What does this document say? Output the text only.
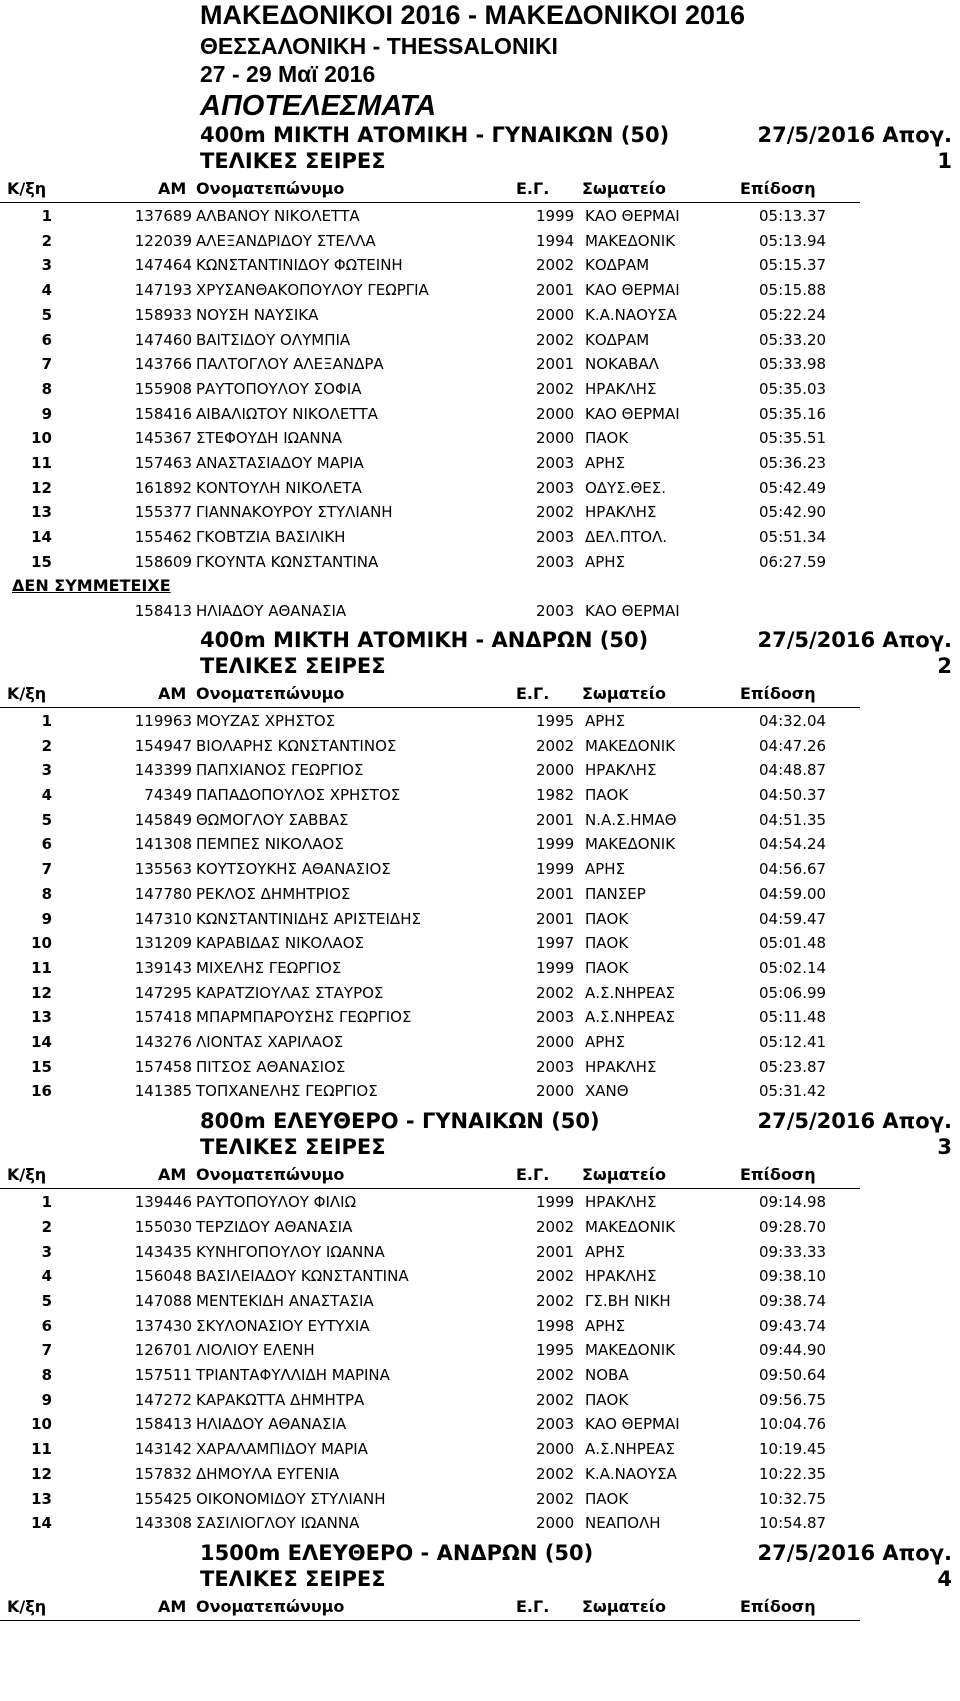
ΜΑΚΕΔΟΝΙΚΟΙ 2016 - ΜΑΚΕΔΟΝΙΚΟΙ 2016
ΘΕΣΣΑΛΟΝΙΚΗ - THESSALONIKI
27 - 29 Μαϊ 2016
ΑΠΟΤΕΛΕΣΜΑΤΑ
400m ΜΙΚΤΗ ΑΤΟΜΙΚΗ - ΓΥΝΑΙΚΩΝ (50)	27/5/2016 Απογ.
ΤΕΛΙΚΕΣ ΣΕΙΡΕΣ	1
Κ/ξη	ΑΜ Ονοματεπώνυμο	Ε.Γ. Σωματείο	Επίδοση
1	137689 ΑΛΒΑΝΟΥ ΝΙΚΟΛΕΤΤΑ	1999 ΚΑΟ ΘΕΡΜΑΙ	05:13.37
2	122039 ΑΛΕΞΑΝΔΡΙΔΟΥ ΣΤΕΛΛΑ	1994 ΜΑΚΕΔΟΝΙΚ	05:13.94
3	147464 ΚΩΝΣΤΑΝΤΙΝΙΔΟΥ ΦΩΤΕΙΝΗ	2002 ΚΟΔΡΑΜ	05:15.37
4	147193 ΧΡΥΣΑΝΘΑΚΟΠΟΥΛΟΥ ΓΕΩΡΓΙΑ	2001 ΚΑΟ ΘΕΡΜΑΙ	05:15.88
5	158933 ΝΟΥΣΗ ΝΑΥΣΙΚΑ	2000 Κ.Α.ΝΑΟΥΣΑ	05:22.24
6	147460 ΒΑΙΤΣΙΔΟΥ ΟΛΥΜΠΙΑ	2002 ΚΟΔΡΑΜ	05:33.20
7	143766 ΠΑΛΤΟΓΛΟΥ ΑΛΕΞΑΝΔΡΑ	2001 ΝΟΚΑΒΑΛ	05:33.98
8	155908 ΡΑΥΤΟΠΟΥΛΟΥ ΣΟΦΙΑ	2002 ΗΡΑΚΛΗΣ	05:35.03
9	158416 ΑΙΒΑΛΙΩΤΟΥ ΝΙΚΟΛΕΤΤΑ	2000 ΚΑΟ ΘΕΡΜΑΙ	05:35.16
10	145367 ΣΤΕΦΟΥΔΗ ΙΩΑΝΝΑ	2000 ΠΑΟΚ	05:35.51
11	157463 ΑΝΑΣΤΑΣΙΑΔΟΥ ΜΑΡΙΑ	2003 ΑΡΗΣ	05:36.23
12	161892 ΚΟΝΤΟΥΛΗ ΝΙΚΟΛΕΤΑ	2003 ΟΔΥΣ.ΘΕΣ.	05:42.49
13	155377 ΓΙΑΝΝΑΚΟΥΡΟΥ ΣΤΥΛΙΑΝΗ	2002 ΗΡΑΚΛΗΣ	05:42.90
14	155462 ΓΚΟΒΤΖΙΑ ΒΑΣΙΛΙΚΗ	2003 ΔΕΛ.ΠΤΟΛ.	05:51.34
15	158609 ΓΚΟΥΝΤΑ ΚΩΝΣΤΑΝΤΙΝΑ	2003 ΑΡΗΣ	06:27.59
ΔΕΝ ΣΥΜΜΕΤΕΙΧΕ
158413 ΗΛΙΑΔΟΥ ΑΘΑΝΑΣΙΑ	2003 ΚΑΟ ΘΕΡΜΑΙ
400m ΜΙΚΤΗ ΑΤΟΜΙΚΗ - ΑΝΔΡΩΝ (50)	27/5/2016 Απογ.
ΤΕΛΙΚΕΣ ΣΕΙΡΕΣ	2
Κ/ξη	ΑΜ Ονοματεπώνυμο	Ε.Γ. Σωματείο	Επίδοση
1	119963 ΜΟΥΖΑΣ ΧΡΗΣΤΟΣ	1995 ΑΡΗΣ	04:32.04
2	154947 ΒΙΟΛΑΡΗΣ ΚΩΝΣΤΑΝΤΙΝΟΣ	2002 ΜΑΚΕΔΟΝΙΚ	04:47.26
3	143399 ΠΑΠΧΙΑΝΟΣ ΓΕΩΡΓΙΟΣ	2000 ΗΡΑΚΛΗΣ	04:48.87
4	74349 ΠΑΠΑΔΟΠΟΥΛΟΣ ΧΡΗΣΤΟΣ	1982 ΠΑΟΚ	04:50.37
5	145849 ΘΩΜΟΓΛΟΥ ΣΑΒΒΑΣ	2001 Ν.Α.Σ.ΗΜΑΘ	04:51.35
6	141308 ΠΕΜΠΕΣ ΝΙΚΟΛΑΟΣ	1999 ΜΑΚΕΔΟΝΙΚ	04:54.24
7	135563 ΚΟΥΤΣΟΥΚΗΣ ΑΘΑΝΑΣΙΟΣ	1999 ΑΡΗΣ	04:56.67
8	147780 ΡΕΚΛΟΣ ΔΗΜΗΤΡΙΟΣ	2001 ΠΑΝΣΕΡ	04:59.00
9	147310 ΚΩΝΣΤΑΝΤΙΝΙΔΗΣ ΑΡΙΣΤΕΙΔΗΣ	2001 ΠΑΟΚ	04:59.47
10	131209 ΚΑΡΑΒΙΔΑΣ ΝΙΚΟΛΑΟΣ	1997 ΠΑΟΚ	05:01.48
11	139143 ΜΙΧΕΛΗΣ ΓΕΩΡΓΙΟΣ	1999 ΠΑΟΚ	05:02.14
12	147295 ΚΑΡΑΤΖΙΟΥΛΑΣ ΣΤΑΥΡΟΣ	2002 Α.Σ.ΝΗΡΕΑΣ	05:06.99
13	157418 ΜΠΑΡΜΠΑΡΟΥΣΗΣ ΓΕΩΡΓΙΟΣ	2003 Α.Σ.ΝΗΡΕΑΣ	05:11.48
14	143276 ΛΙΟΝΤΑΣ ΧΑΡΙΛΑΟΣ	2000 ΑΡΗΣ	05:12.41
15	157458 ΠΙΤΣΟΣ ΑΘΑΝΑΣΙΟΣ	2003 ΗΡΑΚΛΗΣ	05:23.87
16	141385 ΤΟΠΧΑΝΕΛΗΣ ΓΕΩΡΓΙΟΣ	2000 ΧΑΝΘ	05:31.42
800m ΕΛΕΥΘΕΡΟ - ΓΥΝΑΙΚΩΝ (50)	27/5/2016 Απογ.
ΤΕΛΙΚΕΣ ΣΕΙΡΕΣ	3
Κ/ξη	ΑΜ Ονοματεπώνυμο	Ε.Γ. Σωματείο	Επίδοση
1	139446 ΡΑΥΤΟΠΟΥΛΟΥ ΦΙΛΙΩ	1999 ΗΡΑΚΛΗΣ	09:14.98
2	155030 ΤΕΡΖΙΔΟΥ ΑΘΑΝΑΣΙΑ	2002 ΜΑΚΕΔΟΝΙΚ	09:28.70
3	143435 ΚΥΝΗΓΟΠΟΥΛΟΥ ΙΩΑΝΝΑ	2001 ΑΡΗΣ	09:33.33
4	156048 ΒΑΣΙΛΕΙΑΔΟΥ ΚΩΝΣΤΑΝΤΙΝΑ	2002 ΗΡΑΚΛΗΣ	09:38.10
5	147088 ΜΕΝΤΕΚΙΔΗ ΑΝΑΣΤΑΣΙΑ	2002 ΓΣ.ΒΗ ΝΙΚΗ	09:38.74
6	137430 ΣΚΥΛΟΝΑΣΙΟΥ ΕΥΤΥΧΙΑ	1998 ΑΡΗΣ	09:43.74
7	126701 ΛΙΟΛΙΟΥ ΕΛΕΝΗ	1995 ΜΑΚΕΔΟΝΙΚ	09:44.90
8	157511 ΤΡΙΑΝΤΑΦΥΛΛΙΔΗ ΜΑΡΙΝΑ	2002 ΝΟΒΑ	09:50.64
9	147272 ΚΑΡΑΚΩΤΤΑ ΔΗΜΗΤΡΑ	2002 ΠΑΟΚ	09:56.75
10	158413 ΗΛΙΑΔΟΥ ΑΘΑΝΑΣΙΑ	2003 ΚΑΟ ΘΕΡΜΑΙ	10:04.76
11	143142 ΧΑΡΑΛΑΜΠΙΔΟΥ ΜΑΡΙΑ	2000 Α.Σ.ΝΗΡΕΑΣ	10:19.45
12	157832 ΔΗΜΟΥΛΑ ΕΥΓΕΝΙΑ	2002 Κ.Α.ΝΑΟΥΣΑ	10:22.35
13	155425 ΟΙΚΟΝΟΜΙΔΟΥ ΣΤΥΛΙΑΝΗ	2002 ΠΑΟΚ	10:32.75
14	143308 ΣΑΣΙΛΙΟΓΛΟΥ ΙΩΑΝΝΑ	2000 ΝΕΑΠΟΛΗ	10:54.87
1500m ΕΛΕΥΘΕΡΟ - ΑΝΔΡΩΝ (50)	27/5/2016 Απογ.
ΤΕΛΙΚΕΣ ΣΕΙΡΕΣ	4
Κ/ξη	ΑΜ Ονοματεπώνυμο	Ε.Γ. Σωματείο	Επίδοση
